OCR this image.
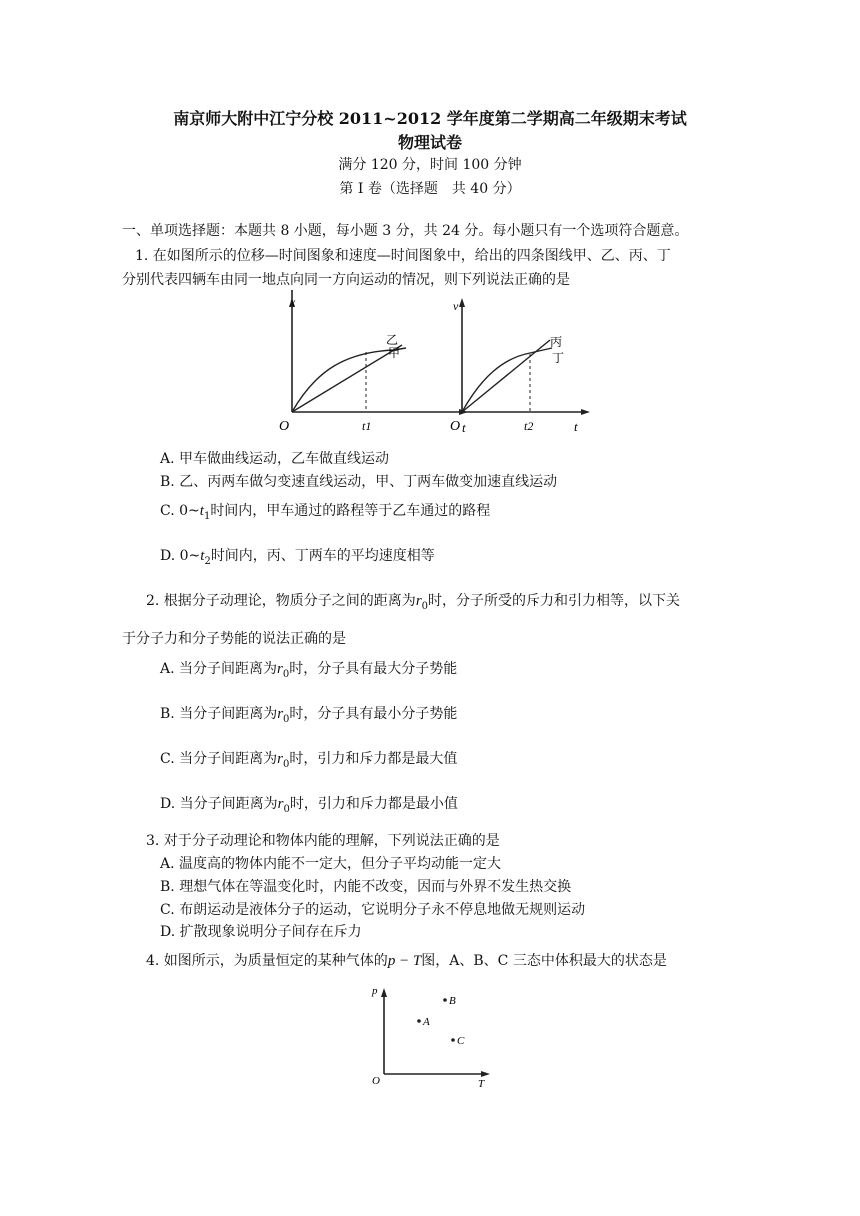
南京师大附中江宁分校 2011~2012 学年度第二学期高二年级期末考试
物理试卷
满分 120 分，时间 100 分钟
第 I 卷（选择题　共 40 分）
一、单项选择题：本题共 8 小题，每小题 3 分，共 24 分。每小题只有一个选项符合题意。
1. 在如图所示的位移—时间图象和速度—时间图象中，给出的四条图线甲、乙、丙、丁
分别代表四辆车由同一地点向同一方向运动的情况，则下列说法正确的是
x
t
O	t1
乙
甲
v
t
O	t2
丙
丁
A. 甲车做曲线运动，乙车做直线运动
B. 乙、丙两车做匀变速直线运动，甲、丁两车做变加速直线运动
C. $0\sim t_1$时间内，甲车通过的路程等于乙车通过的路程
D. $0\sim t_2$时间内，丙、丁两车的平均速度相等
2. 根据分子动理论，物质分子之间的距离为$r_0$时，分子所受的斥力和引力相等，以下关
于分子力和分子势能的说法正确的是
A. 当分子间距离为$r_0$时，分子具有最大分子势能
B. 当分子间距离为$r_0$时，分子具有最小分子势能
C. 当分子间距离为$r_0$时，引力和斥力都是最大值
D. 当分子间距离为$r_0$时，引力和斥力都是最小值
3. 对于分子动理论和物体内能的理解，下列说法正确的是
A. 温度高的物体内能不一定大，但分子平均动能一定大
B. 理想气体在等温变化时，内能不改变，因而与外界不发生热交换
C. 布朗运动是液体分子的运动，它说明分子永不停息地做无规则运动
D. 扩散现象说明分子间存在斥力
4. 如图所示，为质量恒定的某种气体的p − T图，A、B、C 三态中体积最大的状态是
p
T
O
A
B
C
